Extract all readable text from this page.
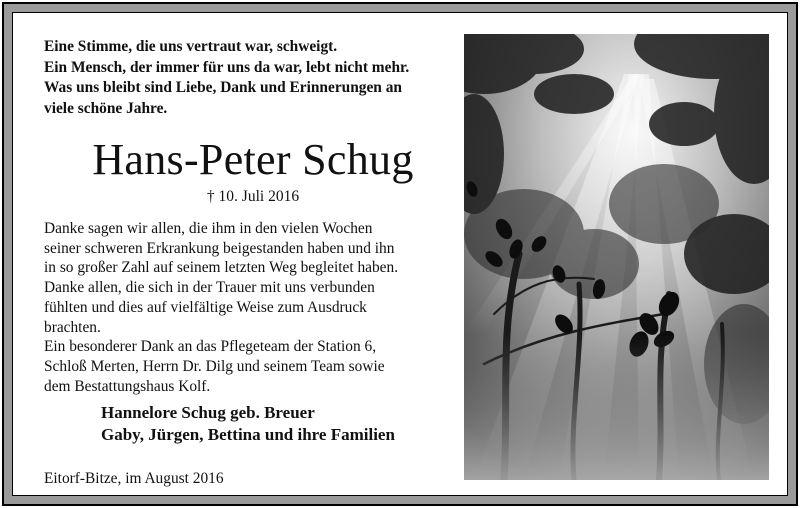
Eine Stimme, die uns vertraut war, schweigt.
Ein Mensch, der immer für uns da war, lebt nicht mehr.
Was uns bleibt sind Liebe, Dank und Erinnerungen an
viele schöne Jahre.

Hans-Peter Schug
† 10. Juli 2016

Danke sagen wir allen, die ihm in den vielen Wochen
seiner schweren Erkrankung beigestanden haben und ihn
in so großer Zahl auf seinem letzten Weg begleitet haben.
Danke allen, die sich in der Trauer mit uns verbunden
fühlten und dies auf vielfältige Weise zum Ausdruck
brachten.
Ein besonderer Dank an das Pflegeteam der Station 6,
Schloß Merten, Herrn Dr. Dilg und seinem Team sowie
dem Bestattungshaus Kolf.

Hannelore Schug geb. Breuer
Gaby, Jürgen, Bettina und ihre Familien

Eitorf-Bitze, im August 2016
